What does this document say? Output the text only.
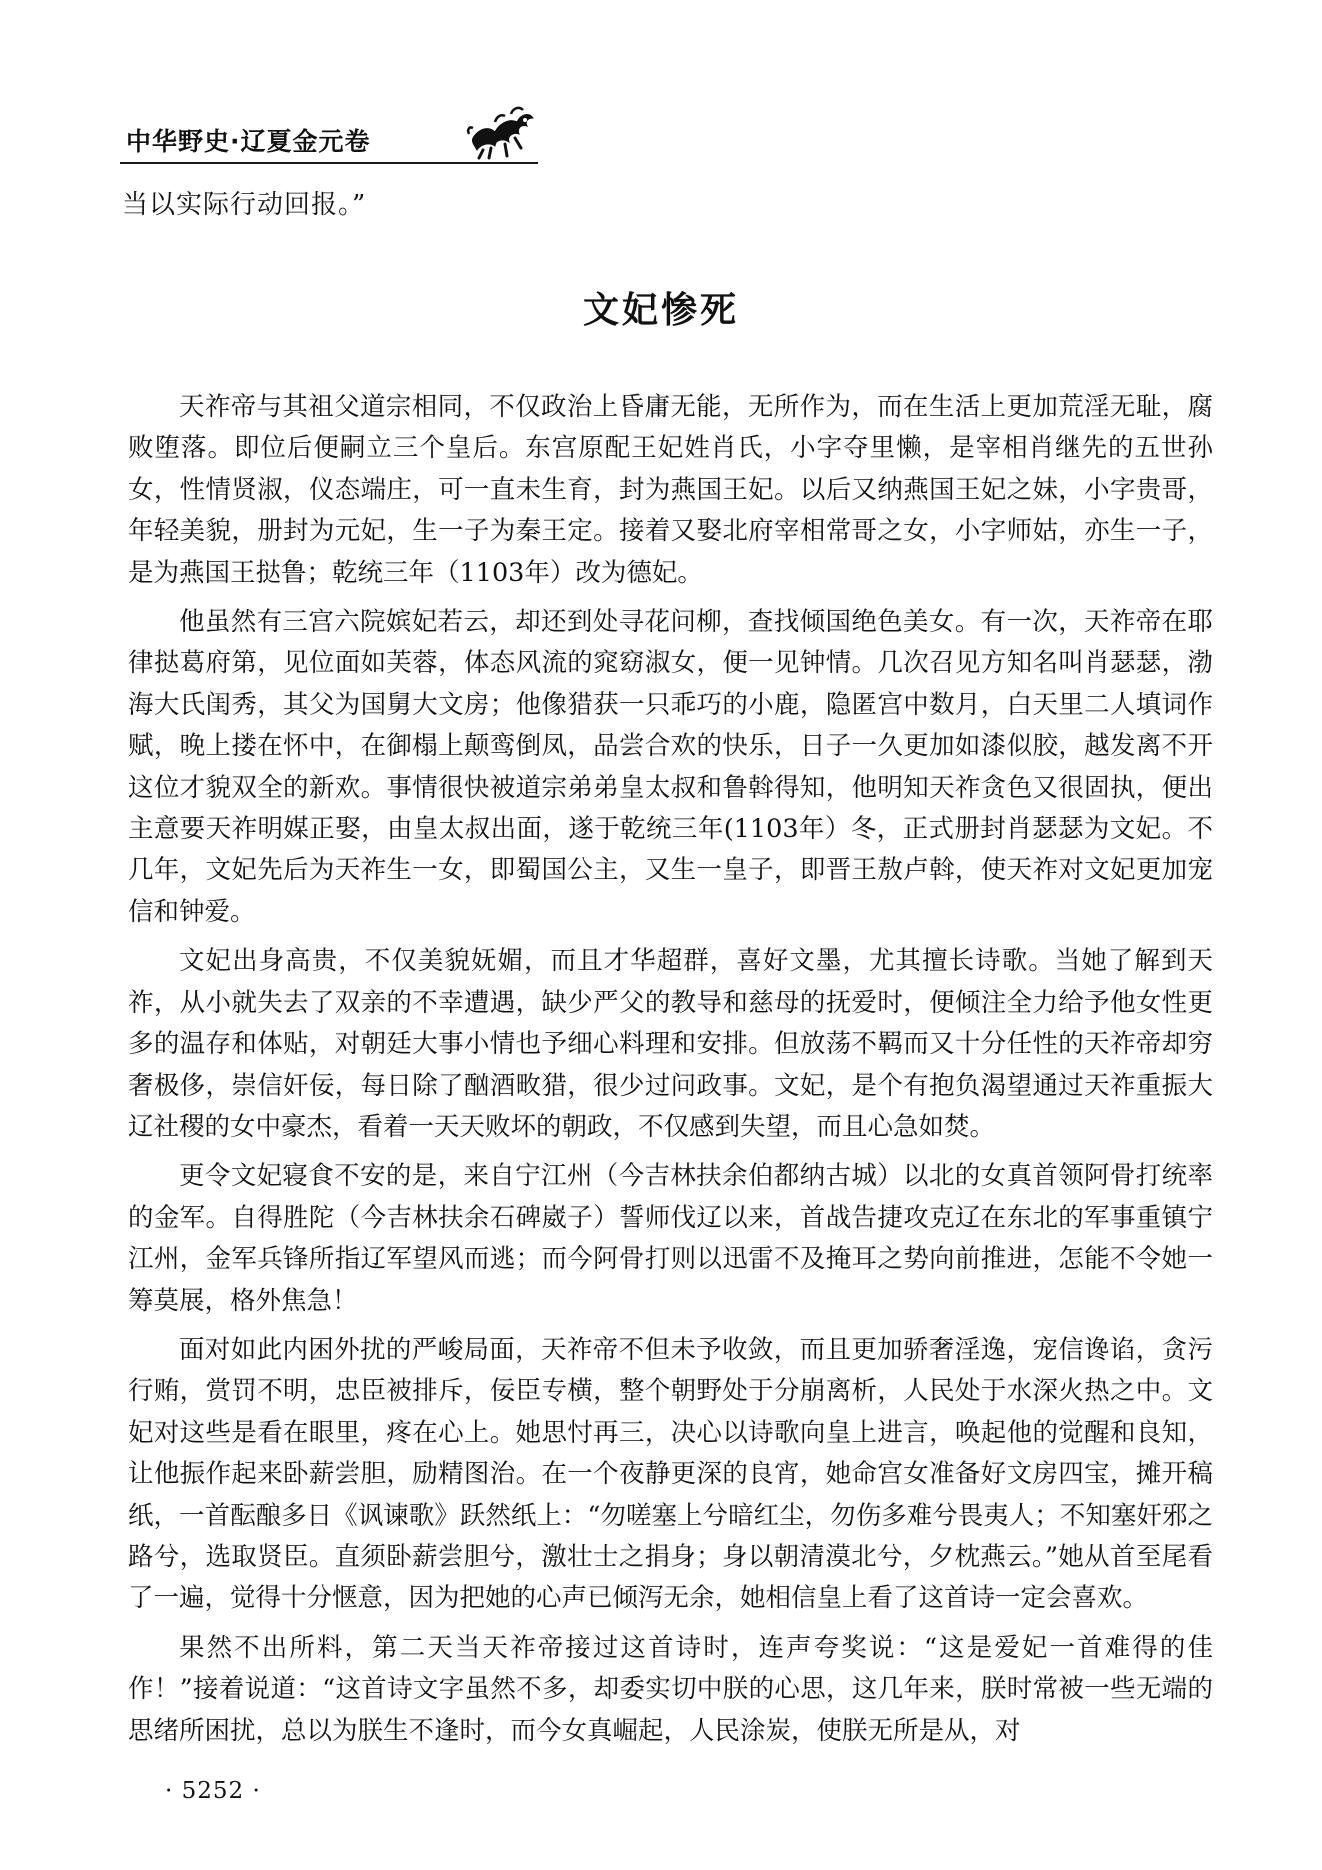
中华野史·辽夏金元卷
当以实际行动回报。”
文妃惨死

天祚帝与其祖父道宗相同，不仅政治上昏庸无能，无所作为，而在生活上更加荒淫无耻，腐败堕落。即位后便嗣立三个皇后。东宫原配王妃姓肖氏，小字夺里懒，是宰相肖继先的五世孙女，性情贤淑，仪态端庄，可一直未生育，封为燕国王妃。以后又纳燕国王妃之妹，小字贵哥，年轻美貌，册封为元妃，生一子为秦王定。接着又娶北府宰相常哥之女，小字师姑，亦生一子，是为燕国王挞鲁；乾统三年（1103年）改为德妃。

他虽然有三宫六院嫔妃若云，却还到处寻花问柳，查找倾国绝色美女。有一次，天祚帝在耶律挞葛府第，见位面如芙蓉，体态风流的窕窈淑女，便一见钟情。几次召见方知名叫肖瑟瑟，渤海大氏闺秀，其父为国舅大文房；他像猎获一只乖巧的小鹿，隐匿宫中数月，白天里二人填词作赋，晚上搂在怀中，在御榻上颠鸾倒凤，品尝合欢的快乐，日子一久更加如漆似胶，越发离不开这位才貌双全的新欢。事情很快被道宗弟弟皇太叔和鲁斡得知，他明知天祚贪色又很固执，便出主意要天祚明媒正娶，由皇太叔出面，遂于乾统三年(1103年）冬，正式册封肖瑟瑟为文妃。不几年，文妃先后为天祚生一女，即蜀国公主，又生一皇子，即晋王敖卢斡，使天祚对文妃更加宠信和钟爱。

文妃出身高贵，不仅美貌妩媚，而且才华超群，喜好文墨，尤其擅长诗歌。当她了解到天祚，从小就失去了双亲的不幸遭遇，缺少严父的教导和慈母的抚爱时，便倾注全力给予他女性更多的温存和体贴，对朝廷大事小情也予细心料理和安排。但放荡不羁而又十分任性的天祚帝却穷奢极侈，崇信奸佞，每日除了酗酒畋猎，很少过问政事。文妃，是个有抱负渴望通过天祚重振大辽社稷的女中豪杰，看着一天天败坏的朝政，不仅感到失望，而且心急如焚。

更令文妃寝食不安的是，来自宁江州（今吉林扶余伯都纳古城）以北的女真首领阿骨打统率的金军。自得胜陀（今吉林扶余石碑崴子）誓师伐辽以来，首战告捷攻克辽在东北的军事重镇宁江州，金军兵锋所指辽军望风而逃；而今阿骨打则以迅雷不及掩耳之势向前推进，怎能不令她一筹莫展，格外焦急！

面对如此内困外扰的严峻局面，天祚帝不但未予收敛，而且更加骄奢淫逸，宠信谗谄，贪污行贿，赏罚不明，忠臣被排斥，佞臣专横，整个朝野处于分崩离析，人民处于水深火热之中。文妃对这些是看在眼里，疼在心上。她思忖再三，决心以诗歌向皇上进言，唤起他的觉醒和良知，让他振作起来卧薪尝胆，励精图治。在一个夜静更深的良宵，她命宫女准备好文房四宝，摊开稿纸，一首酝酿多日《讽谏歌》跃然纸上：“勿嗟塞上兮暗红尘，勿伤多难兮畏夷人；不知塞奸邪之路兮，选取贤臣。直须卧薪尝胆兮，激壮士之捐身；身以朝清漠北兮，夕枕燕云。”她从首至尾看了一遍，觉得十分惬意，因为把她的心声已倾泻无余，她相信皇上看了这首诗一定会喜欢。

果然不出所料，第二天当天祚帝接过这首诗时，连声夸奖说：“这是爱妃一首难得的佳作！”接着说道：“这首诗文字虽然不多，却委实切中朕的心思，这几年来，朕时常被一些无端的思绪所困扰，总以为朕生不逢时，而今女真崛起，人民涂炭，使朕无所是从，对

· 5252 ·
